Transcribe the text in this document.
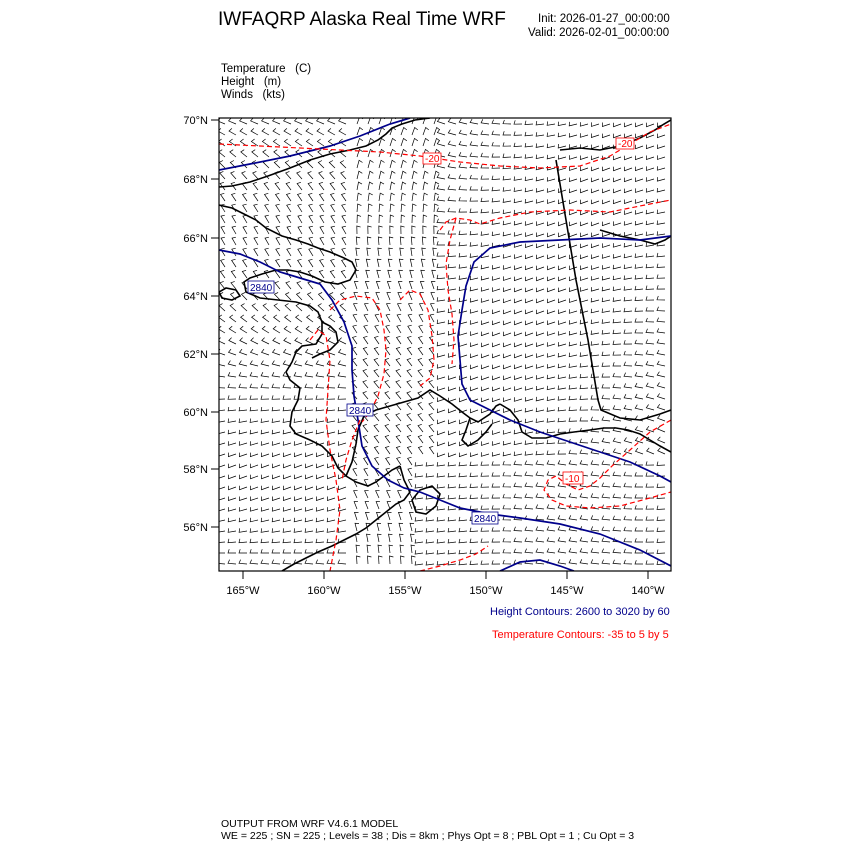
IWFAQRP Alaska Real Time WRF	Init: 2026-01-27_00:00:00
Valid: 2026-02-01_00:00:00
Temperature (C)
Height (m)
Winds (kts)
2840
2840
2840
-20
-20
-10
70°N
68°N
66°N
64°N
62°N
60°N
58°N
56°N
165°W	160°W	155°W	150°W	145°W	140°W
Height Contours: 2600 to 3020 by 60
Temperature Contours: -35 to 5 by 5
OUTPUT FROM WRF V4.6.1 MODEL
WE = 225 ; SN = 225 ; Levels = 38 ; Dis = 8km ; Phys Opt = 8 ; PBL Opt = 1 ; Cu Opt = 3
